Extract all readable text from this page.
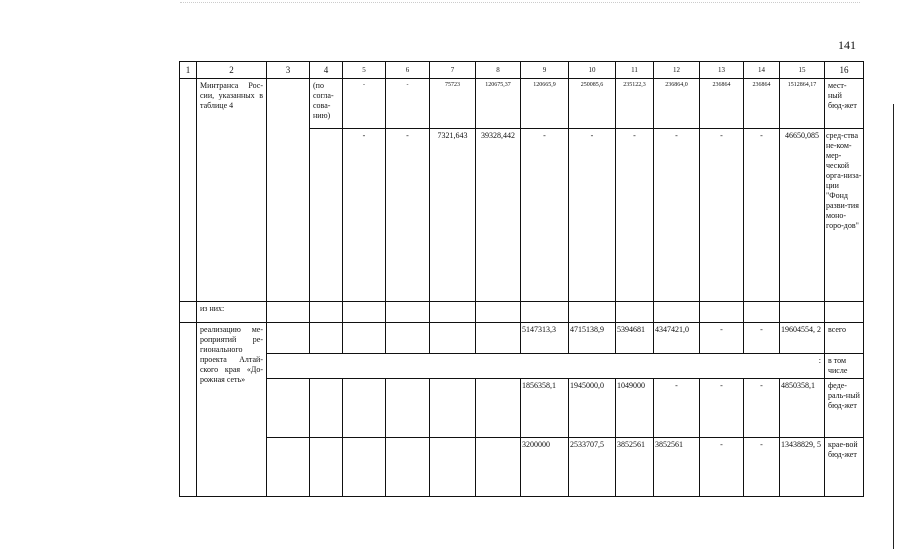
141
1	2	3	4	5	6	7	8	9	10	11	12	13	14	15	16
	Минтранса Рос-сии, указанных в таблице 4		(по согла-сова-нию)	-	-	75723	120675,37	120665,9	250085,6	235122,3	236864,0	236864	236864	1512864,17	мест-ный бюд-жет
				-	-	7321,643	39328,442	-	-	-	-	-	-	46650,085	сред-ства не-ком-мер-ческой орга-низа-ции "Фонд разви-тия моно-горо-дов"
	из них:														
	реализацию ме-роприятий ре-гионального проекта Алтай-ского края «До-рожная сеть»							5147313,3	4715138,9	5394681	4347421,0	-	-	19604554, 2	всего
		:													в том числе
								1856358,1	1945000,0	1049000	-	-	-	4850358,1	феде-раль-ный бюд-жет
								3200000	2533707,5	3852561	3852561	-	-	13438829, 5	крае-вой бюд-жет
